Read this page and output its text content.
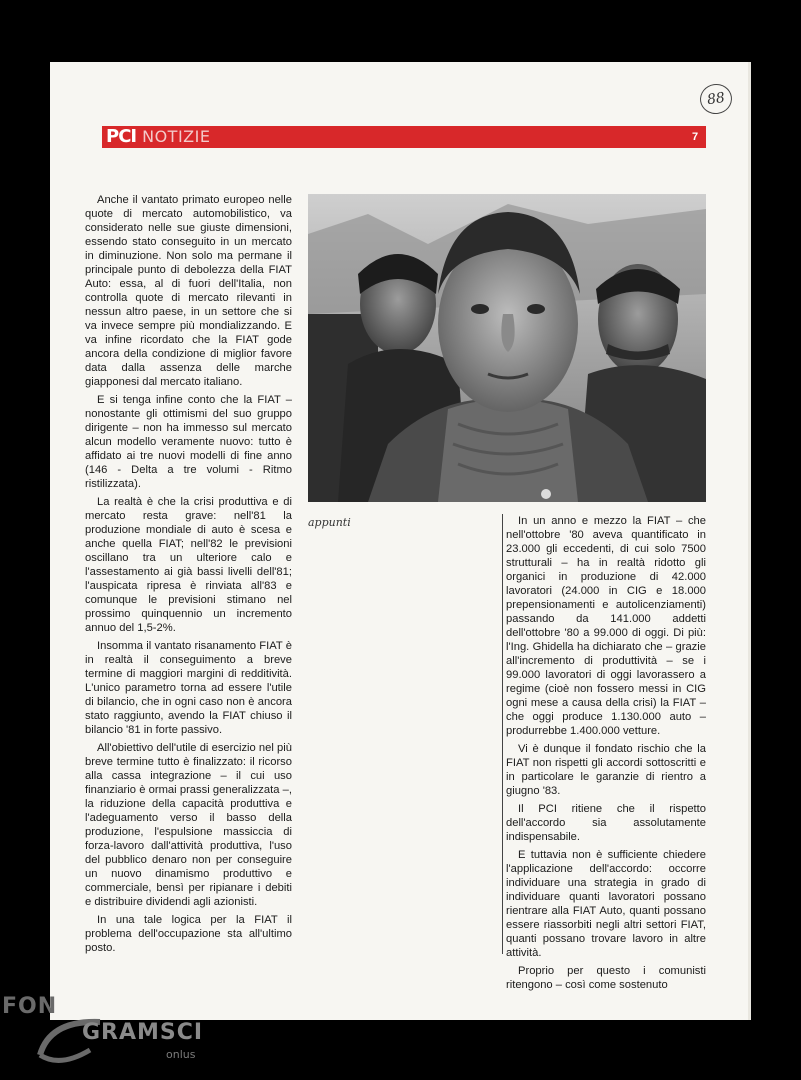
88
PCI NOTIZIE	7
appunti

Anche il vantato primato europeo nelle quote di mercato automobilistico, va considerato nelle sue giuste dimensioni, essendo stato conseguito in un mercato in diminuzione. Non solo ma permane il principale punto di debolezza della FIAT Auto: essa, al di fuori dell'Italia, non controlla quote di mercato rilevanti in nessun altro paese, in un settore che si va invece sempre più mondializzando. E va infine ricordato che la FIAT gode ancora della condizione di miglior favore data dalla assenza delle marche giapponesi dal mercato italiano.

E si tenga infine conto che la FIAT – nonostante gli ottimismi del suo gruppo dirigente – non ha immesso sul mercato alcun modello veramente nuovo: tutto è affidato ai tre nuovi modelli di fine anno (146 - Delta a tre volumi - Ritmo ristilizzata).

La realtà è che la crisi produttiva e di mercato resta grave: nell'81 la produzione mondiale di auto è scesa e anche quella FIAT; nell'82 le previsioni oscillano tra un ulteriore calo e l'assestamento ai già bassi livelli dell'81; l'auspicata ripresa è rinviata all'83 e comunque le previsioni stimano nel prossimo quinquennio un incremento annuo del 1,5-2%.

Insomma il vantato risanamento FIAT è in realtà il conseguimento a breve termine di maggiori margini di redditività. L'unico parametro torna ad essere l'utile di bilancio, che in ogni caso non è ancora stato raggiunto, avendo la FIAT chiuso il bilancio '81 in forte passivo.

All'obiettivo dell'utile di esercizio nel più breve termine tutto è finalizzato: il ricorso alla cassa integrazione – il cui uso finanziario è ormai prassi generalizzata –, la riduzione della capacità produttiva e l'adeguamento verso il basso della produzione, l'espulsione massiccia di forza-lavoro dall'attività produttiva, l'uso del pubblico denaro non per conseguire un nuovo dinamismo produttivo e commerciale, bensì per ripianare i debiti e distribuire dividendi agli azionisti.

In una tale logica per la FIAT il problema dell'occupazione sta all'ultimo posto.

In un anno e mezzo la FIAT – che nell'ottobre '80 aveva quantificato in 23.000 gli eccedenti, di cui solo 7500 strutturali – ha in realtà ridotto gli organici in produzione di 42.000 lavoratori (24.000 in CIG e 18.000 prepensionamenti e autolicenziamenti) passando da 141.000 addetti dell'ottobre '80 a 99.000 di oggi. Di più: l'Ing. Ghidella ha dichiarato che – grazie all'incremento di produttività – se i 99.000 lavoratori di oggi lavorassero a regime (cioè non fossero messi in CIG ogni mese a causa della crisi) la FIAT – che oggi produce 1.130.000 auto – produrrebbe 1.400.000 vetture.

Vi è dunque il fondato rischio che la FIAT non rispetti gli accordi sottoscritti e in particolare le garanzie di rientro a giugno '83.

Il PCI ritiene che il rispetto dell'accordo sia assolutamente indispensabile.

E tuttavia non è sufficiente chiedere l'applicazione dell'accordo: occorre individuare una strategia in grado di individuare quanti lavoratori possano rientrare alla FIAT Auto, quanti possano essere riassorbiti negli altri settori FIAT, quanti possano trovare lavoro in altre attività.

Proprio per questo i comunisti ritengono – così come sostenuto

FON
GRAMSCI
onlus
